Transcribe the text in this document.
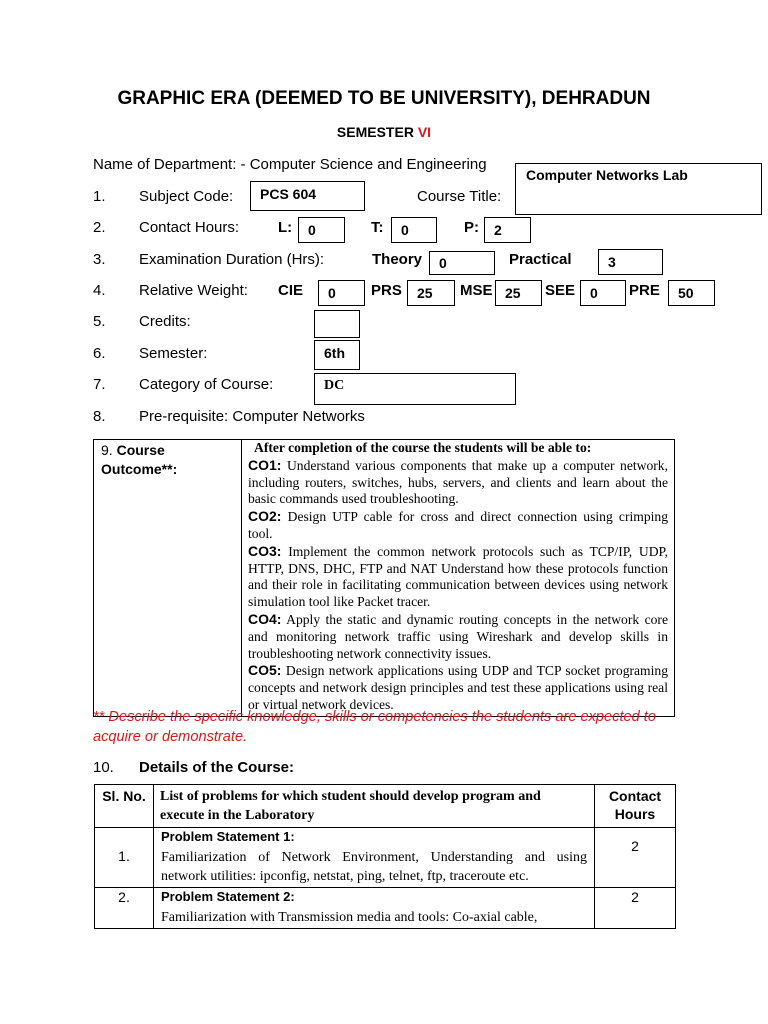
GRAPHIC ERA (DEEMED TO BE UNIVERSITY), DEHRADUN
SEMESTER VI
Name of Department: - Computer Science and Engineering
Computer Networks Lab
Course Title:
1. Subject Code:	PCS 604
2. Contact Hours:	L:	0	T:	0	P:	2
3. Examination Duration (Hrs):	Theory	0	Practical	3
4. Relative Weight: CIE	0	PRS	25	MSE 25	SEE	0	PRE	50
5. Credits:
6. Semester:	6th
7. Category of Course:	DC
8. Pre-requisite: Computer Networks
9. Course
Outcome**:	
After completion of the course the students will be able to:
CO1: Understand various components that make up a computer network, including routers, switches, hubs, servers, and clients and learn about the basic commands used troubleshooting.
CO2: Design UTP cable for cross and direct connection using crimping tool.
CO3: Implement the common network protocols such as TCP/IP, UDP, HTTP, DNS, DHC, FTP and NAT Understand how these protocols function and their role in facilitating communication between devices using network simulation tool like Packet tracer.
CO4: Apply the static and dynamic routing concepts in the network core and monitoring network traffic using Wireshark and develop skills in troubleshooting network connectivity issues.
CO5: Design network applications using UDP and TCP socket programing concepts and network design principles and test these applications using real or virtual network devices.
** Describe the specific knowledge, skills or competencies the students are expected to acquire or demonstrate.
10. Details of the Course:
Sl. No.	List of problems for which student should develop program and execute in the Laboratory	Contact Hours
1.	Problem Statement 1:
Familiarization of Network Environment, Understanding and using network utilities: ipconfig, netstat, ping, telnet, ftp, traceroute etc.	2
2.	Problem Statement 2:
Familiarization with Transmission media and tools: Co-axial cable,	2
